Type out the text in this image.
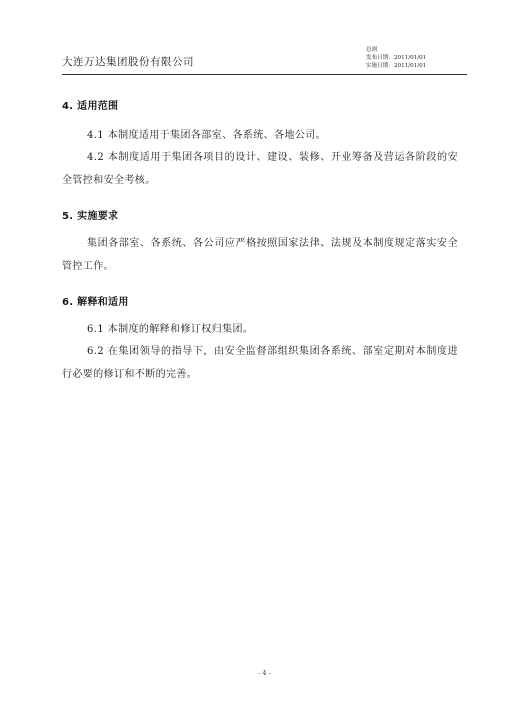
大连万达集团股份有限公司
总则
发布日期：2011/01/01
实施日期：2011/01/01
4. 适用范围
4.1 本制度适用于集团各部室、各系统、各地公司。
4.2 本制度适用于集团各项目的设计、建设、装修、开业筹备及营运各阶段的安全管控和安全考核。
5. 实施要求
集团各部室、各系统、各公司应严格按照国家法律、法规及本制度规定落实安全管控工作。
6. 解释和适用
6.1 本制度的解释和修订权归集团。
6.2 在集团领导的指导下，由安全监督部组织集团各系统、部室定期对本制度进行必要的修订和不断的完善。
- 4 -
